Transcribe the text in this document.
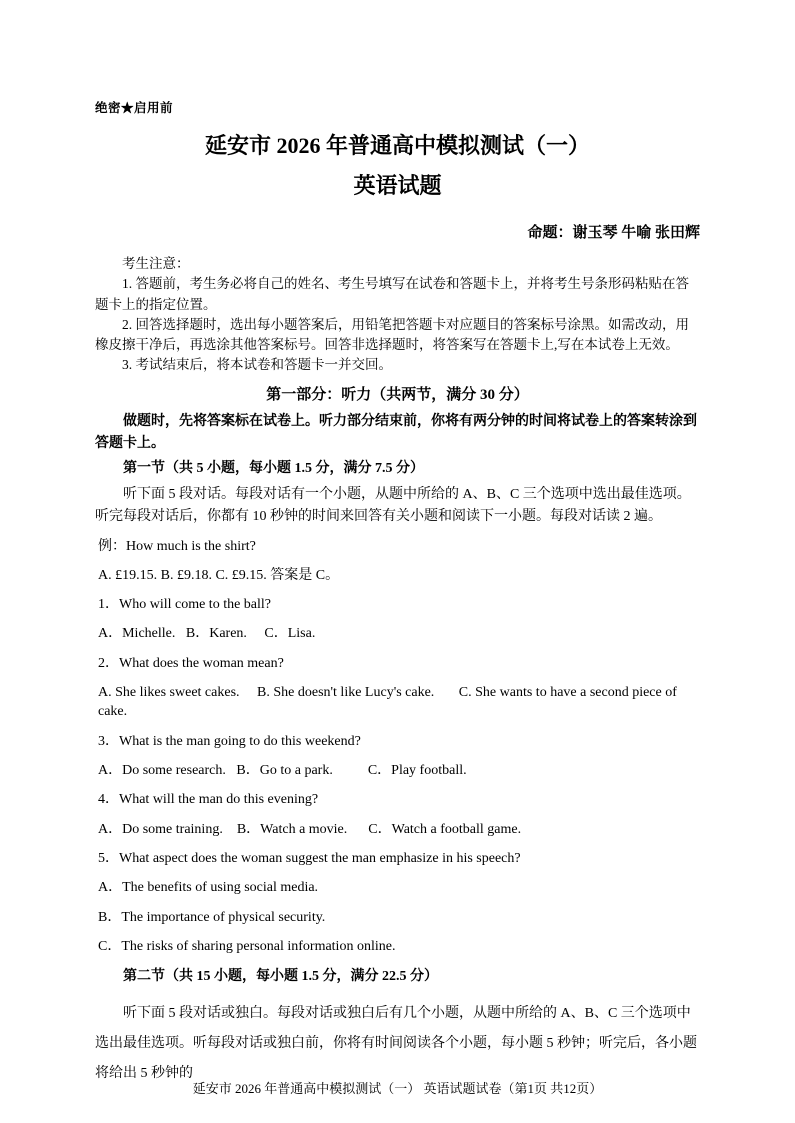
绝密★启用前
延安市 2026 年普通高中模拟测试（一）
英语试题
命题：谢玉琴 牛喻 张田辉

考生注意：

1. 答题前，考生务必将自己的姓名、考生号填写在试卷和答题卡上，并将考生号条形码粘贴在答题卡上的指定位置。

2. 回答选择题时，选出每小题答案后，用铅笔把答题卡对应题目的答案标号涂黑。如需改动，用橡皮擦干净后，再选涂其他答案标号。回答非选择题时，将答案写在答题卡上,写在本试卷上无效。

3. 考试结束后，将本试卷和答题卡一并交回。

第一部分：听力（共两节，满分 30 分）

做题时，先将答案标在试卷上。听力部分结束前，你将有两分钟的时间将试卷上的答案转涂到答题卡上。

第一节（共 5 小题，每小题 1.5 分，满分 7.5 分）

听下面 5 段对话。每段对话有一个小题，从题中所给的 A、B、C 三个选项中选出最佳选项。听完每段对话后，你都有 10 秒钟的时间来回答有关小题和阅读下一小题。每段对话读 2 遍。

例：How much is the shirt?

A. £19.15. B. £9.18. C. £9.15. 答案是 C。

1．Who will come to the ball?

A．Michelle.   B．Karen.     C．Lisa.

2．What does the woman mean?

A. She likes sweet cakes.     B. She doesn't like Lucy's cake.       C. She wants to have a second piece of cake.

3．What is the man going to do this weekend?

A．Do some research.   B．Go to a park.          C．Play football.

4．What will the man do this evening?

A．Do some training.    B．Watch a movie.      C．Watch a football game.

5．What aspect does the woman suggest the man emphasize in his speech?

A．The benefits of using social media.

B．The importance of physical security.

C．The risks of sharing personal information online.

第二节（共 15 小题，每小题 1.5 分，满分 22.5 分）

听下面 5 段对话或独白。每段对话或独白后有几个小题，从题中所给的 A、B、C 三个选项中选出最佳选项。听每段对话或独白前，你将有时间阅读各个小题，每小题 5 秒钟；听完后，各小题将给出 5 秒钟的

延安市 2026 年普通高中模拟测试（一） 英语试题试卷（第1页 共12页）
